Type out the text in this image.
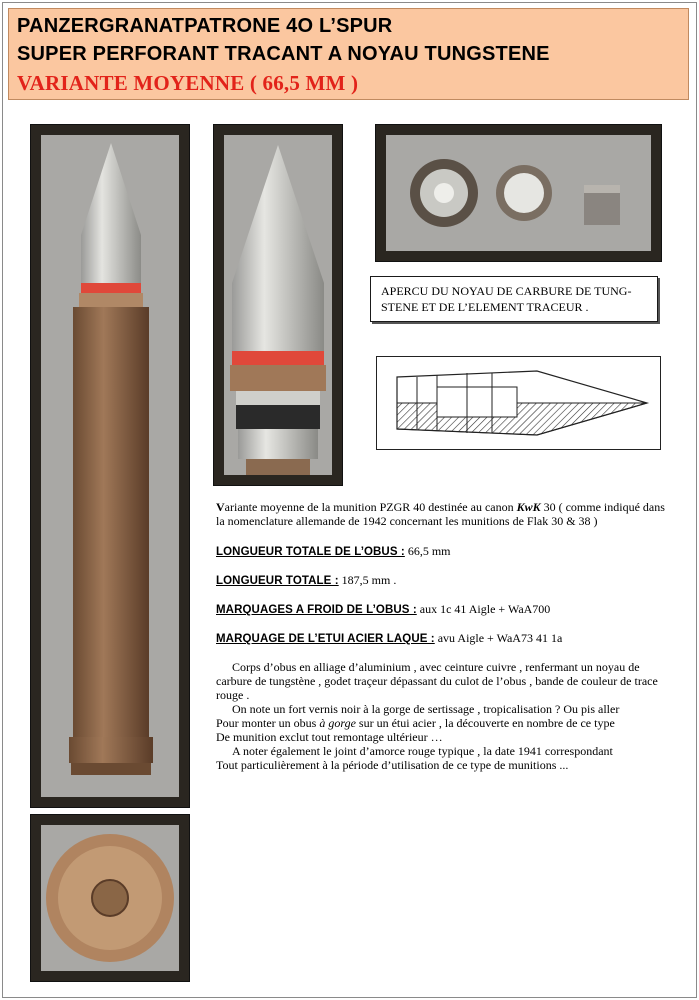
PANZERGRANATPATRONE 4O L’SPUR
SUPER PERFORANT TRACANT A NOYAU TUNGSTENE
VARIANTE MOYENNE ( 66,5 MM )
APERCU DU NOYAU DE CARBURE DE TUNG-
STENE ET DE L’ELEMENT TRACEUR .

Variante moyenne de la munition PZGR 40 destinée au canon KwK 30 ( comme indiqué dans la nomenclature allemande de 1942 concernant les munitions de Flak 30 & 38 )

LONGUEUR TOTALE DE L’OBUS : 66,5 mm

LONGUEUR TOTALE : 187,5 mm .

MARQUAGES A FROID DE L’OBUS : aux 1c 41 Aigle + WaA700

MARQUAGE DE L’ETUI ACIER LAQUE : avu Aigle + WaA73 41 1a

Corps d’obus en alliage d’aluminium , avec ceinture cuivre , renfermant un noyau de carbure de tungstène , godet traçeur dépassant du culot de l’obus , bande de couleur de trace rouge .

On note un fort vernis noir à la gorge de sertissage , tropicalisation ? Ou pis aller

Pour monter un obus à gorge sur un étui acier , la découverte en nombre de ce type

De munition exclut tout remontage ultérieur …

A noter également le joint d’amorce rouge typique , la date 1941 correspondant

Tout particulièrement à la période d’utilisation de ce type de munitions ...
